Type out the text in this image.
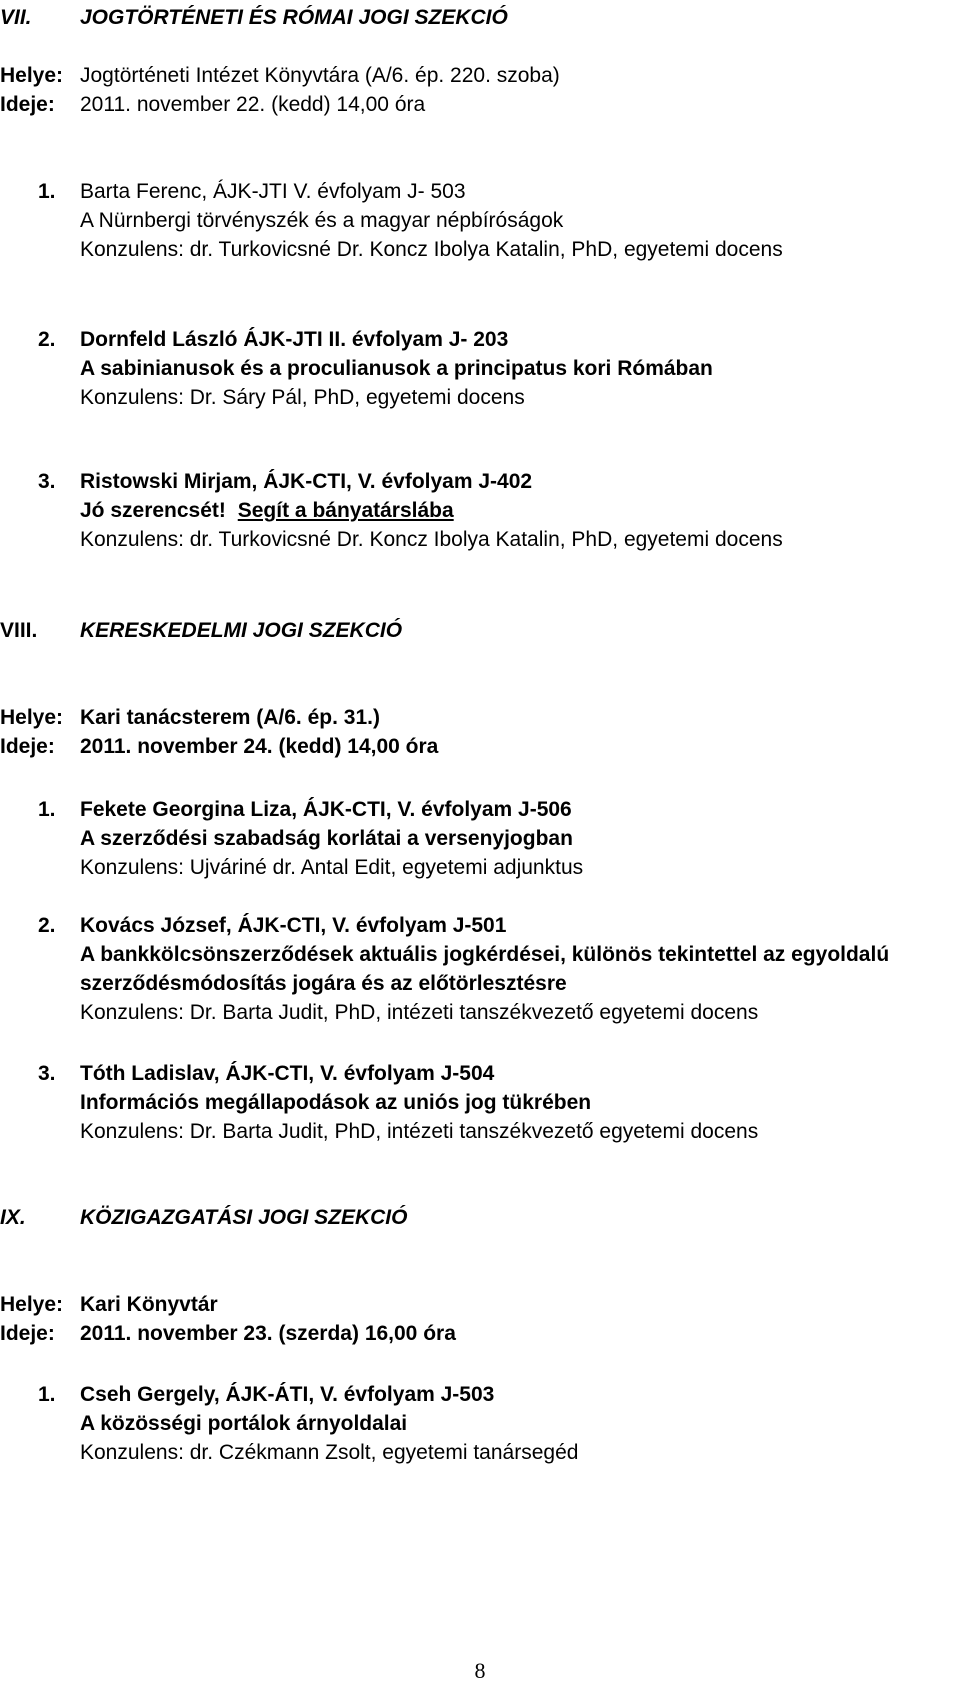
VII. JOGTÖRTÉNETI ÉS RÓMAI JOGI SZEKCIÓ
Helye: Jogtörténeti Intézet Könyvtára (A/6. ép. 220. szoba)
Ideje: 2011. november 22. (kedd) 14,00 óra
1. Barta Ferenc, ÁJK-JTI V. évfolyam J- 503
A Nürnbergi törvényszék és a magyar népbíróságok
Konzulens: dr. Turkovicsné Dr. Koncz Ibolya Katalin, PhD, egyetemi docens
2. Dornfeld László ÁJK-JTI II. évfolyam J- 203
A sabinianusok és a proculianusok a principatus kori Rómában
Konzulens: Dr. Sáry Pál, PhD, egyetemi docens
3. Ristowski Mirjam, ÁJK-CTI, V. évfolyam J-402
Jó szerencsét! Segít a bányatárslába
Konzulens: dr. Turkovicsné Dr. Koncz Ibolya Katalin, PhD, egyetemi docens
VIII. KERESKEDELMI JOGI SZEKCIÓ
Helye: Kari tanácsterem (A/6. ép. 31.)
Ideje: 2011. november 24. (kedd) 14,00 óra
1. Fekete Georgina Liza, ÁJK-CTI, V. évfolyam J-506
A szerződési szabadság korlátai a versenyjogban
Konzulens: Ujváriné dr. Antal Edit, egyetemi adjunktus
2. Kovács József, ÁJK-CTI, V. évfolyam J-501
A bankkölcsönszerződések aktuális jogkérdései, különös tekintettel az egyoldalú
szerződésmódosítás jogára és az előtörlesztésre
Konzulens: Dr. Barta Judit, PhD, intézeti tanszékvezető egyetemi docens
3. Tóth Ladislav, ÁJK-CTI, V. évfolyam J-504
Információs megállapodások az uniós jog tükrében
Konzulens: Dr. Barta Judit, PhD, intézeti tanszékvezető egyetemi docens
IX.	KÖZIGAZGATÁSI JOGI SZEKCIÓ
Helye: Kari Könyvtár
Ideje: 2011. november 23. (szerda) 16,00 óra
1. Cseh Gergely, ÁJK-ÁTI, V. évfolyam J-503
A közösségi portálok árnyoldalai
Konzulens: dr. Czékmann Zsolt, egyetemi tanársegéd
8
